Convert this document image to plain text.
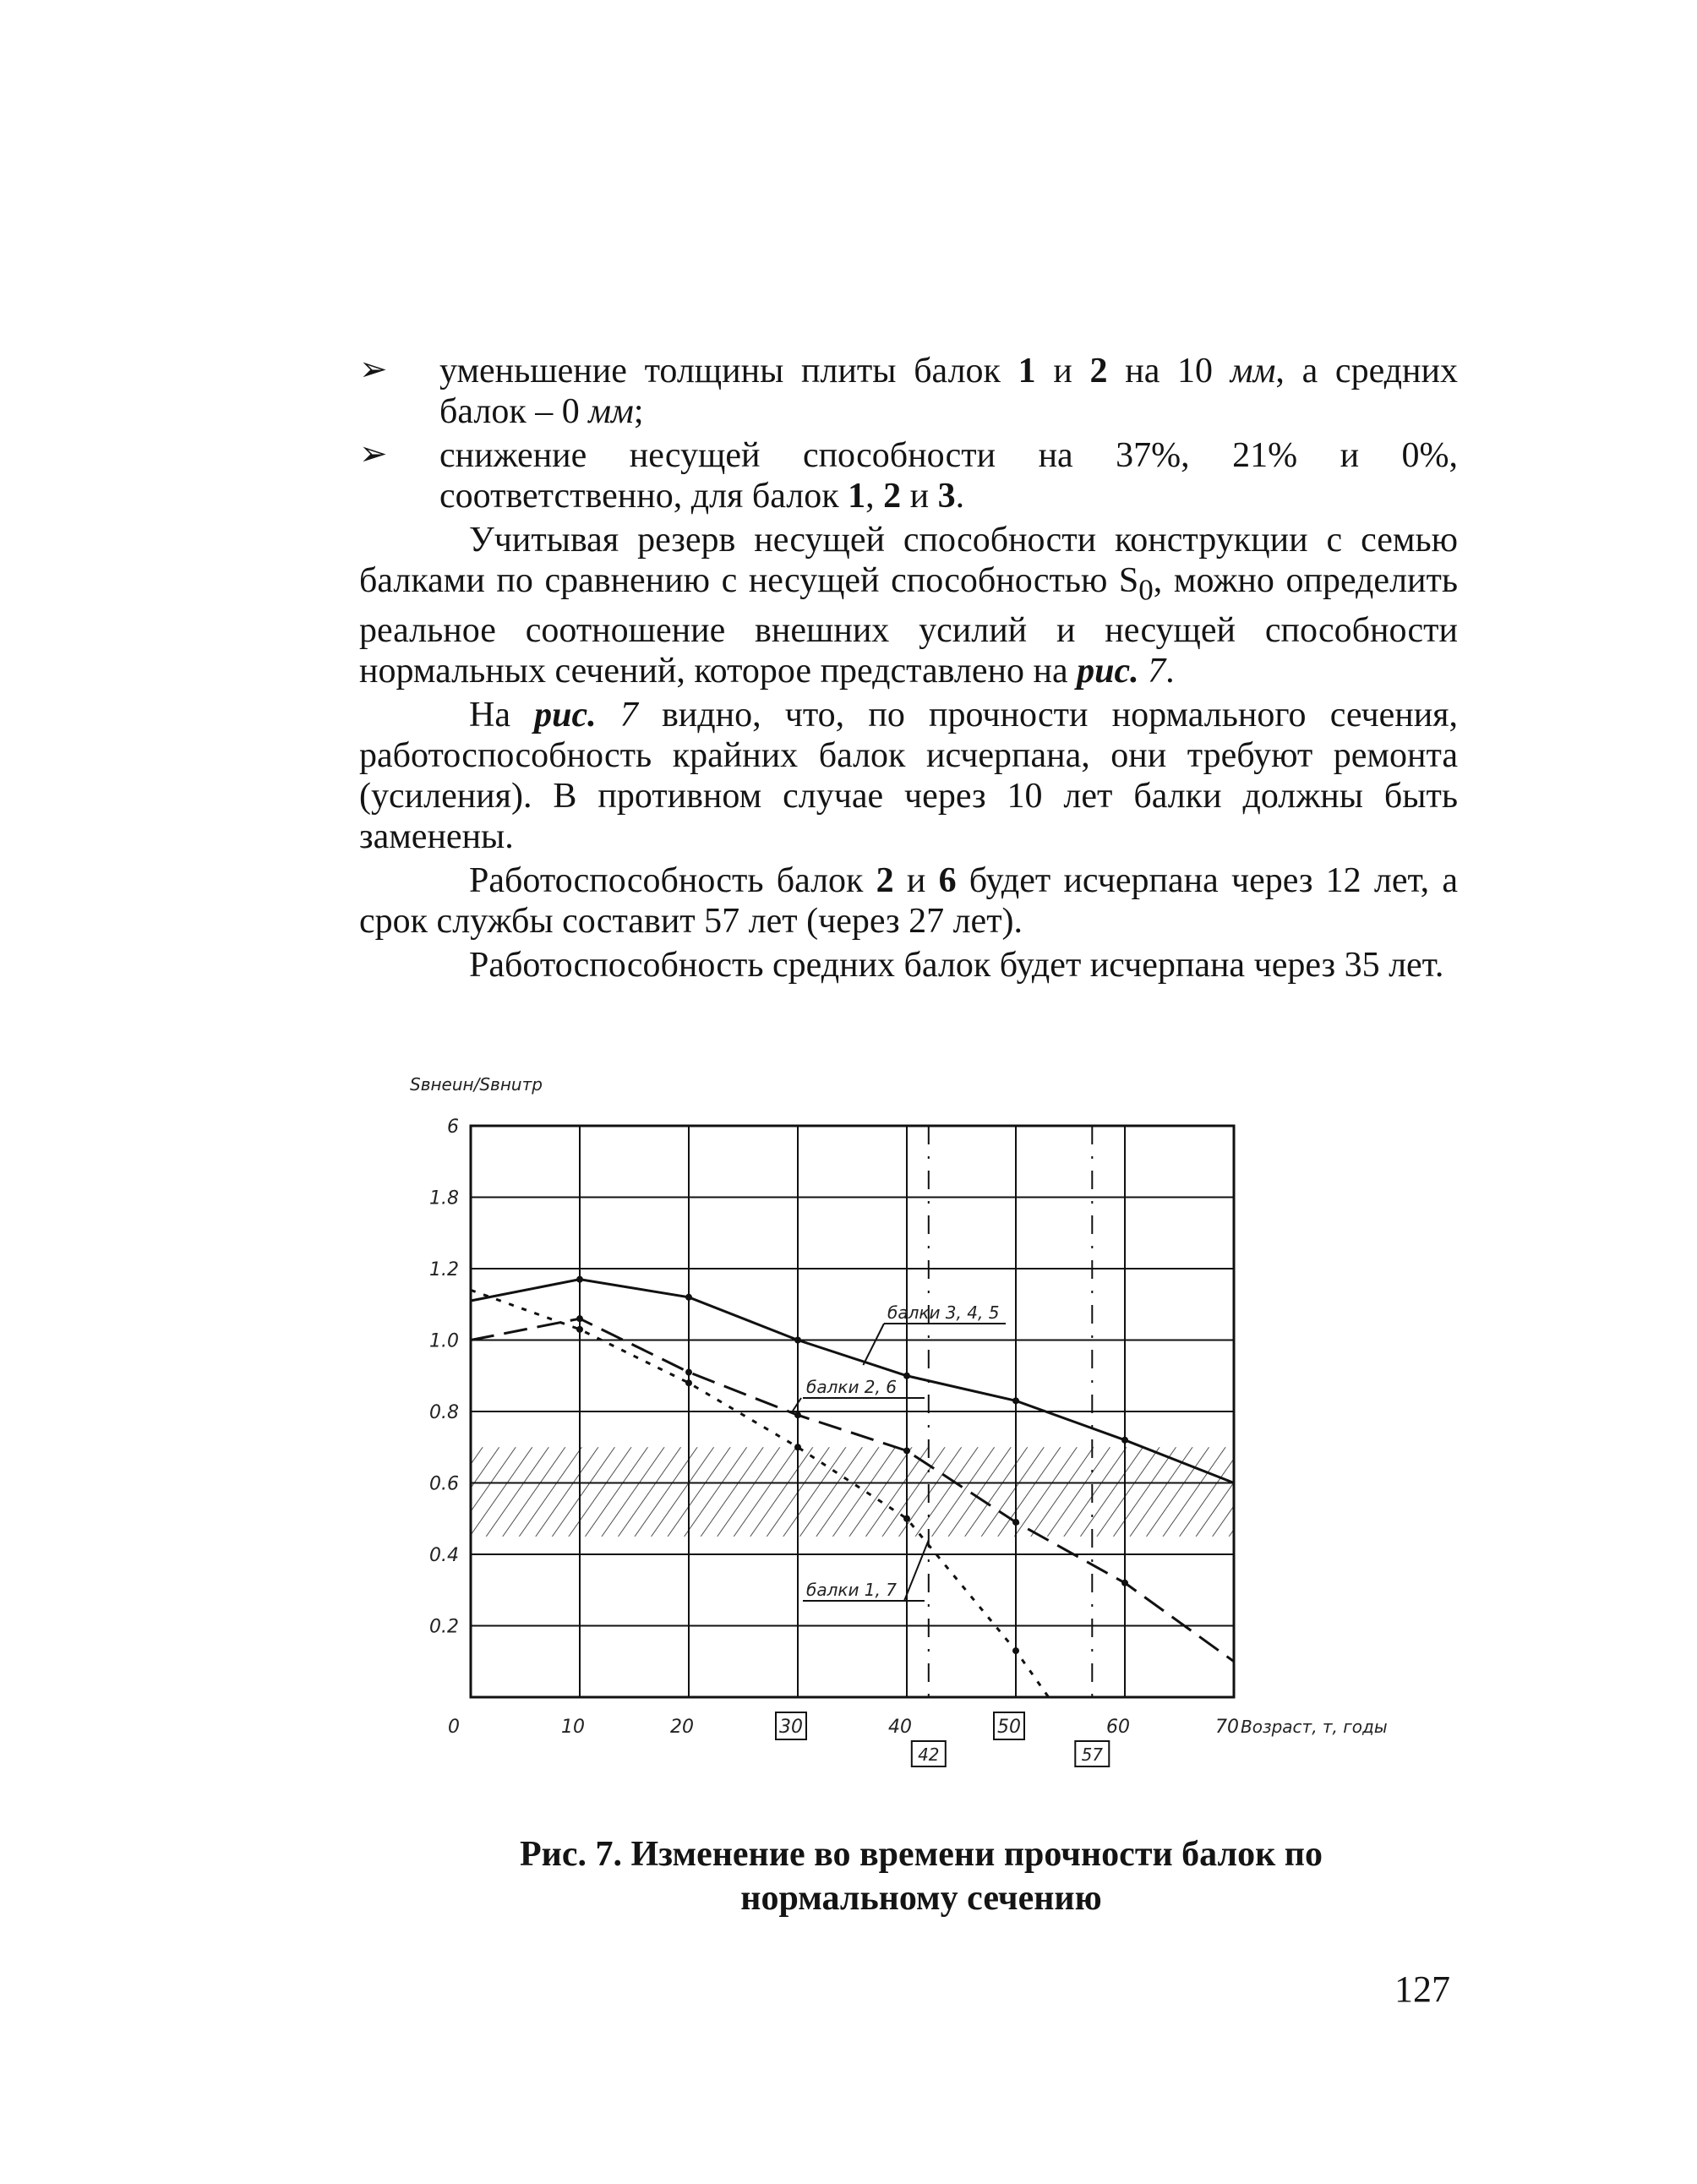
➢ уменьшение толщины плиты балок 1 и 2 на 10 мм, а средних балок – 0 мм;
➢ снижение несущей способности на 37%, 21% и 0%, соответственно, для балок 1, 2 и 3.

Учитывая резерв несущей способности конструкции с семью балками по сравнению с несущей способностью $S_0$, можно определить реальное соотношение внешних усилий и несущей способности нормальных сечений, которое представлено на рис. 7.

На рис. 7 видно, что, по прочности нормального сечения, работоспособность крайних балок исчерпана, они требуют ремонта (усиления). В противном случае через 10 лет балки должны быть заменены.

Работоспособность балок 2 и 6 будет исчерпана через 12 лет, а срок службы составит 57 лет (через 27 лет).

Работоспособность средних балок будет исчерпана через 35 лет.

6
1.8
1.2
1.0
0.8
0.6
0.4
0.2
Sвнеuн/Sвнuтр
0	10	20	30	40	50	60	70
42	57
Возраст, т, годы
балки 3, 4, 5
балки 2, 6
балки 1, 7
Рис. 7. Изменение во времени прочности балок по
нормальному сечению
127
